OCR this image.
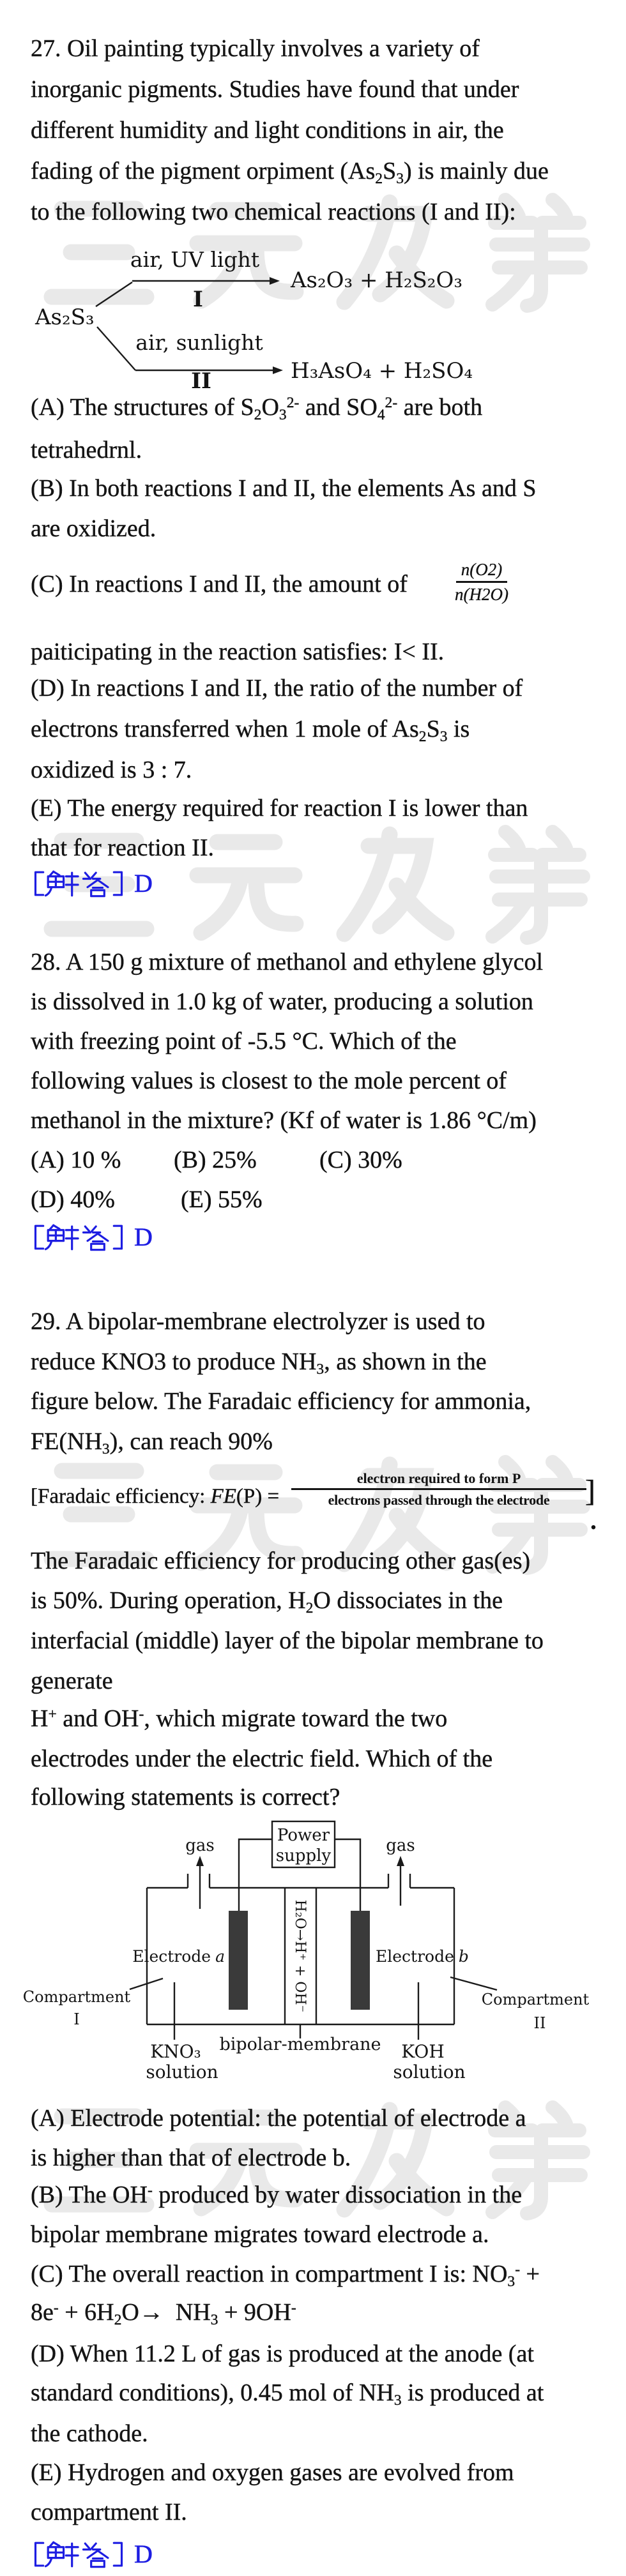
27. Oil painting typically involves a variety of
inorganic pigments. Studies have found that under
different humidity and light conditions in air, the
fading of the pigment orpiment $(As_2S_3)$ is mainly due
to the following two chemical reactions (I and II):
As₂S₃
air, UV light
I
As₂O₃ + H₂S₂O₃
air, sunlight
II	H₃AsO₄ + H₂SO₄
(A) The structures of $S_2O_3^{2-}$ and $SO_4^{2-}$ are both
tetrahedrnl.
(B) In both reactions I and II, the elements As and S
are oxidized.
(C) In reactions I and II, the amount of	$\frac{n(O2)}{n(H2O)}$
paiticipating in the reaction satisfies: I< II.
(D) In reactions I and II, the ratio of the number of
electrons transferred when 1 mole of $As_2S_3$ is
oxidized is 3 : 7.
(E) The energy required for reaction I is lower than
that for reaction II.
D
28. A 150 g mixture of methanol and ethylene glycol
is dissolved in 1.0 kg of water, producing a solution
with freezing point of -5.5 °C. Which of the
following values is closest to the mole percent of
methanol in the mixture? (Kf of water is 1.86 °C/m)
(A) 10 % (B) 25%	(C) 30%
(D) 40%	(E) 55%
D
29. A bipolar-membrane electrolyzer is used to
reduce KNO3 to produce $NH_3$, as shown in the
figure below. The Faradaic efficiency for ammonia,
$FE(NH_3)$, can reach 90%
[Faradaic efficiency: FE(P) =
electron required to form P
electrons passed through the electrode	]
.
The Faradaic efficiency for producing other gas(es)
is 50%. During operation, $H_2O$ dissociates in the
interfacial (middle) layer of the bipolar membrane to
generate
H+ and OH-, which migrate toward the two
electrodes under the electric field. Which of the
following statements is correct?
Power
supply
gas	gas
Electrode a	Electrode b
H₂O→H⁺ + OH⁻
Compartment
I
Compartment
II
KNO₃
solution
bipolar-membrane KOH
solution
(A) Electrode potential: the potential of electrode a
is higher than that of electrode b.
(B) The OH- produced by water dissociation in the
bipolar membrane migrates toward electrode a.
(C) The overall reaction in compartment I is: $NO_3^-$ +
$8e^- + 6H_2O\to NH_3 + 9OH^-$
(D) When 11.2 L of gas is produced at the anode (at
standard conditions), 0.45 mol of $NH_3$ is produced at
the cathode.
(E) Hydrogen and oxygen gases are evolved from
compartment II.
D
